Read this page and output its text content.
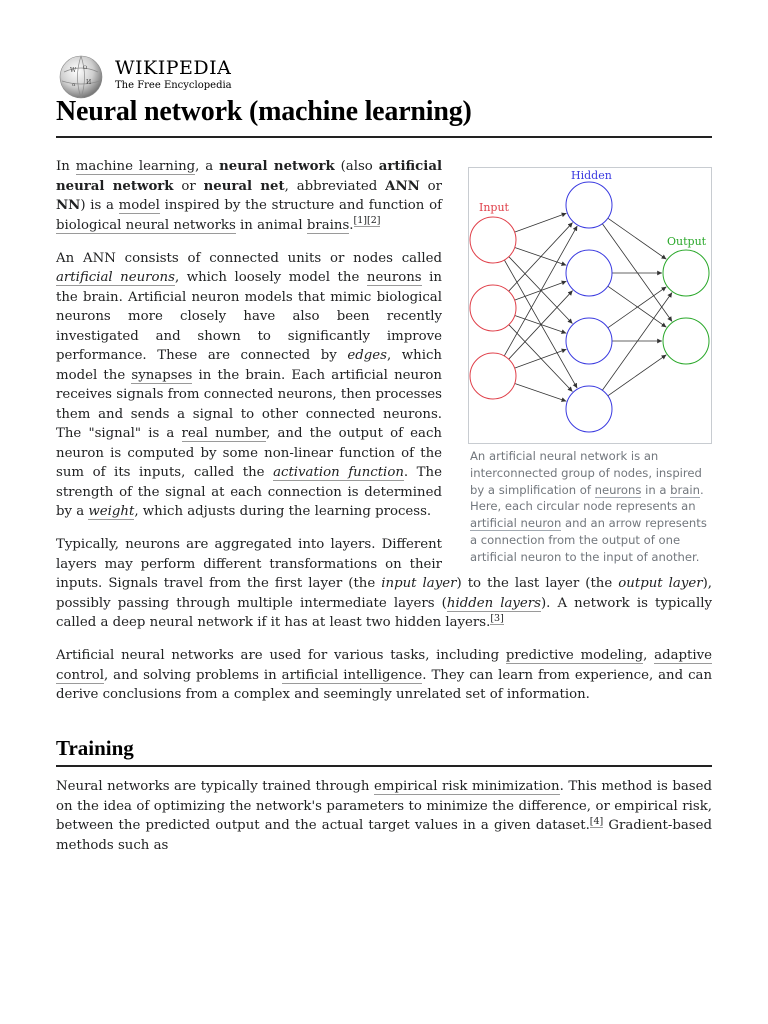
W Ω
И
α
WIKIPEDIA
The Free Encyclopedia
Neural network (machine learning)
Input
Hidden
Output
An artificial neural network is an interconnected group of nodes, inspired by a simplification of neurons in a brain. Here, each circular node represents an artificial neuron and an arrow represents a connection from the output of one artificial neuron to the input of another.

In machine learning, a neural network (also artificial neural network or neural net, abbreviated ANN or NN) is a model inspired by the structure and function of biological neural networks in animal brains.[1][2]

An ANN consists of connected units or nodes called artificial neurons, which loosely model the neurons in the brain. Artificial neuron models that mimic biological neurons more closely have also been recently investigated and shown to significantly improve performance. These are connected by edges, which model the synapses in the brain. Each artificial neuron receives signals from connected neurons, then processes them and sends a signal to other connected neurons. The "signal" is a real number, and the output of each neuron is computed by some non-linear function of the sum of its inputs, called the activation function. The strength of the signal at each connection is determined by a weight, which adjusts during the learning process.

Typically, neurons are aggregated into layers. Different layers may perform different transformations on their inputs. Signals travel from the first layer (the input layer) to the last layer (the output layer), possibly passing through multiple intermediate layers (hidden layers). A network is typically called a deep neural network if it has at least two hidden layers.[3]

Artificial neural networks are used for various tasks, including predictive modeling, adaptive control, and solving problems in artificial intelligence. They can learn from experience, and can derive conclusions from a complex and seemingly unrelated set of information.

Training

Neural networks are typically trained through empirical risk minimization. This method is based on the idea of optimizing the network's parameters to minimize the difference, or empirical risk, between the predicted output and the actual target values in a given dataset.[4] Gradient-based methods such as
